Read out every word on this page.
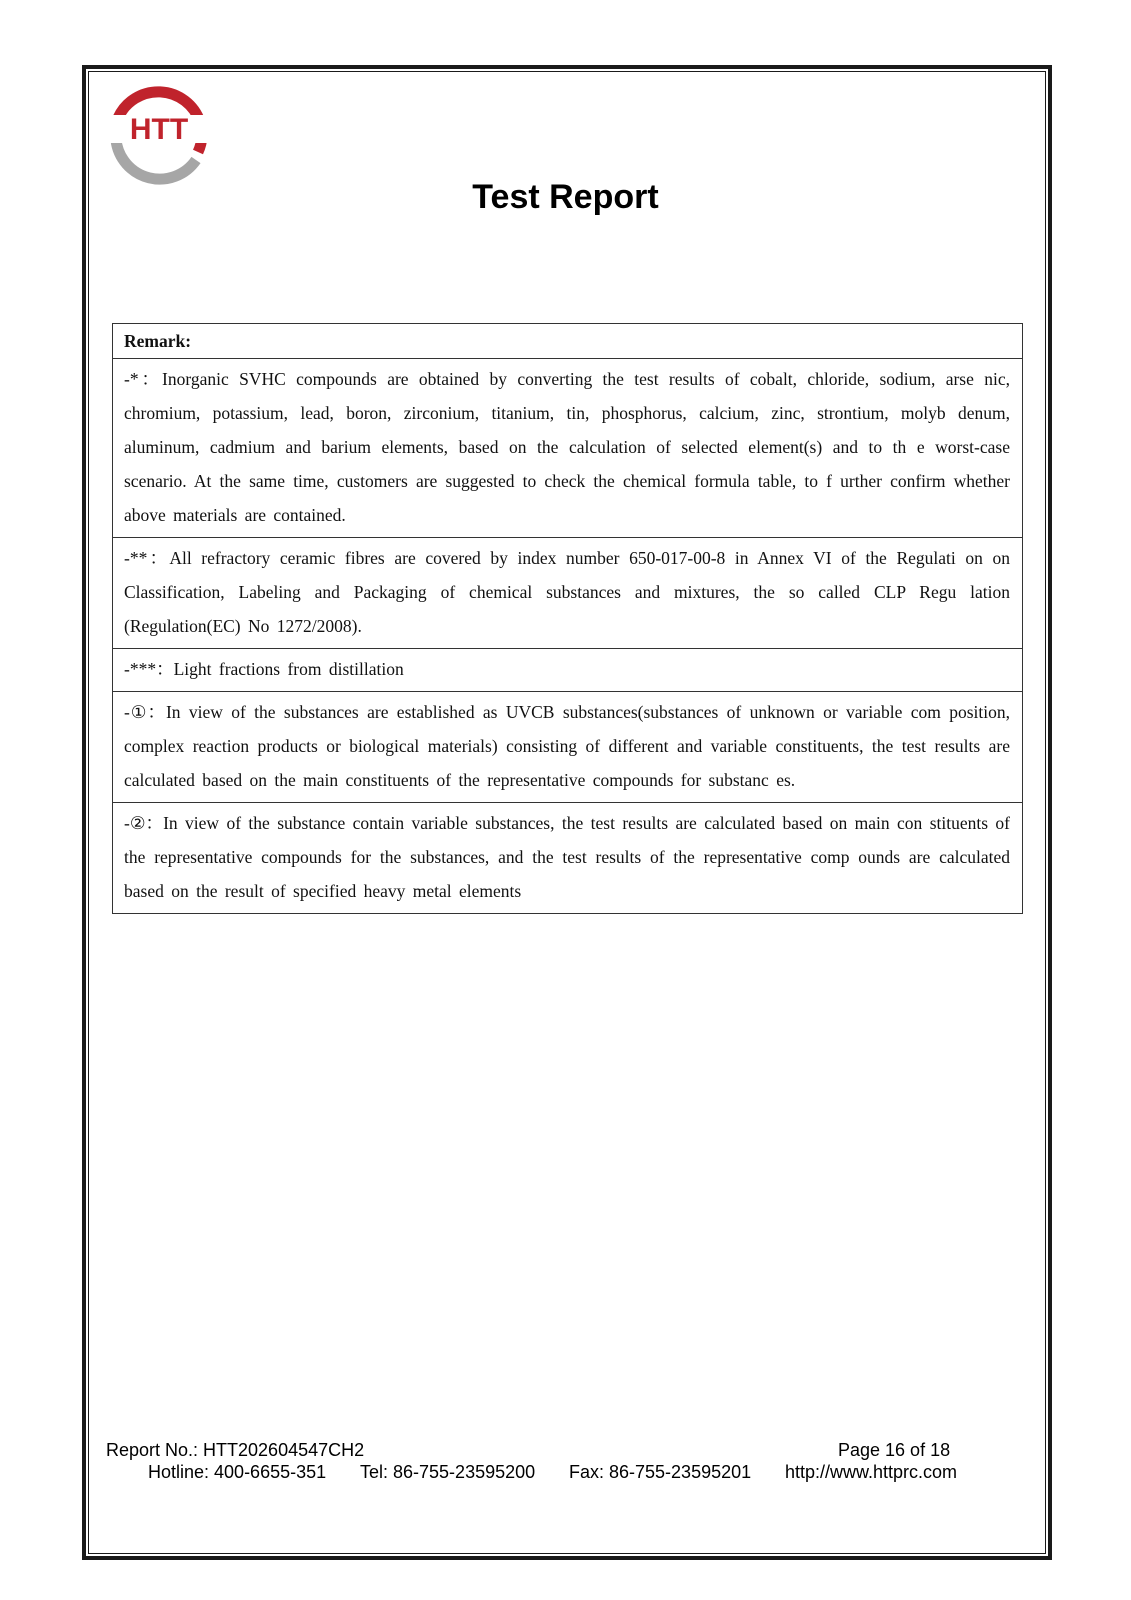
HTT
Test Report
Remark:
-*：Inorganic SVHC compounds are obtained by converting the test results of cobalt, chloride, sodium, arse nic, chromium, potassium, lead, boron, zirconium, titanium, tin, phosphorus, calcium, zinc, strontium, molyb denum, aluminum, cadmium and barium elements, based on the calculation of selected element(s) and to th e worst-case scenario. At the same time, customers are suggested to check the chemical formula table, to f urther confirm whether above materials are contained.
-**：All refractory ceramic fibres are covered by index number 650-017-00-8 in Annex VI of the Regulati on on Classification, Labeling and Packaging of chemical substances and mixtures, the so called CLP Regu lation (Regulation(EC) No 1272/2008).
-***：Light fractions from distillation
-①：In view of the substances are established as UVCB substances(substances of unknown or variable com position, complex reaction products or biological materials) consisting of different and variable constituents, the test results are calculated based on the main constituents of the representative compounds for substanc es.
-②：In view of the substance contain variable substances, the test results are calculated based on main con stituents of the representative compounds for the substances, and the test results of the representative comp ounds are calculated based on the result of specified heavy metal elements
Report No.: HTT202604547CH2	Page 16 of 18
Hotline: 400-6655-351 Tel: 86-755-23595200 Fax: 86-755-23595201 http://www.httprc.com
